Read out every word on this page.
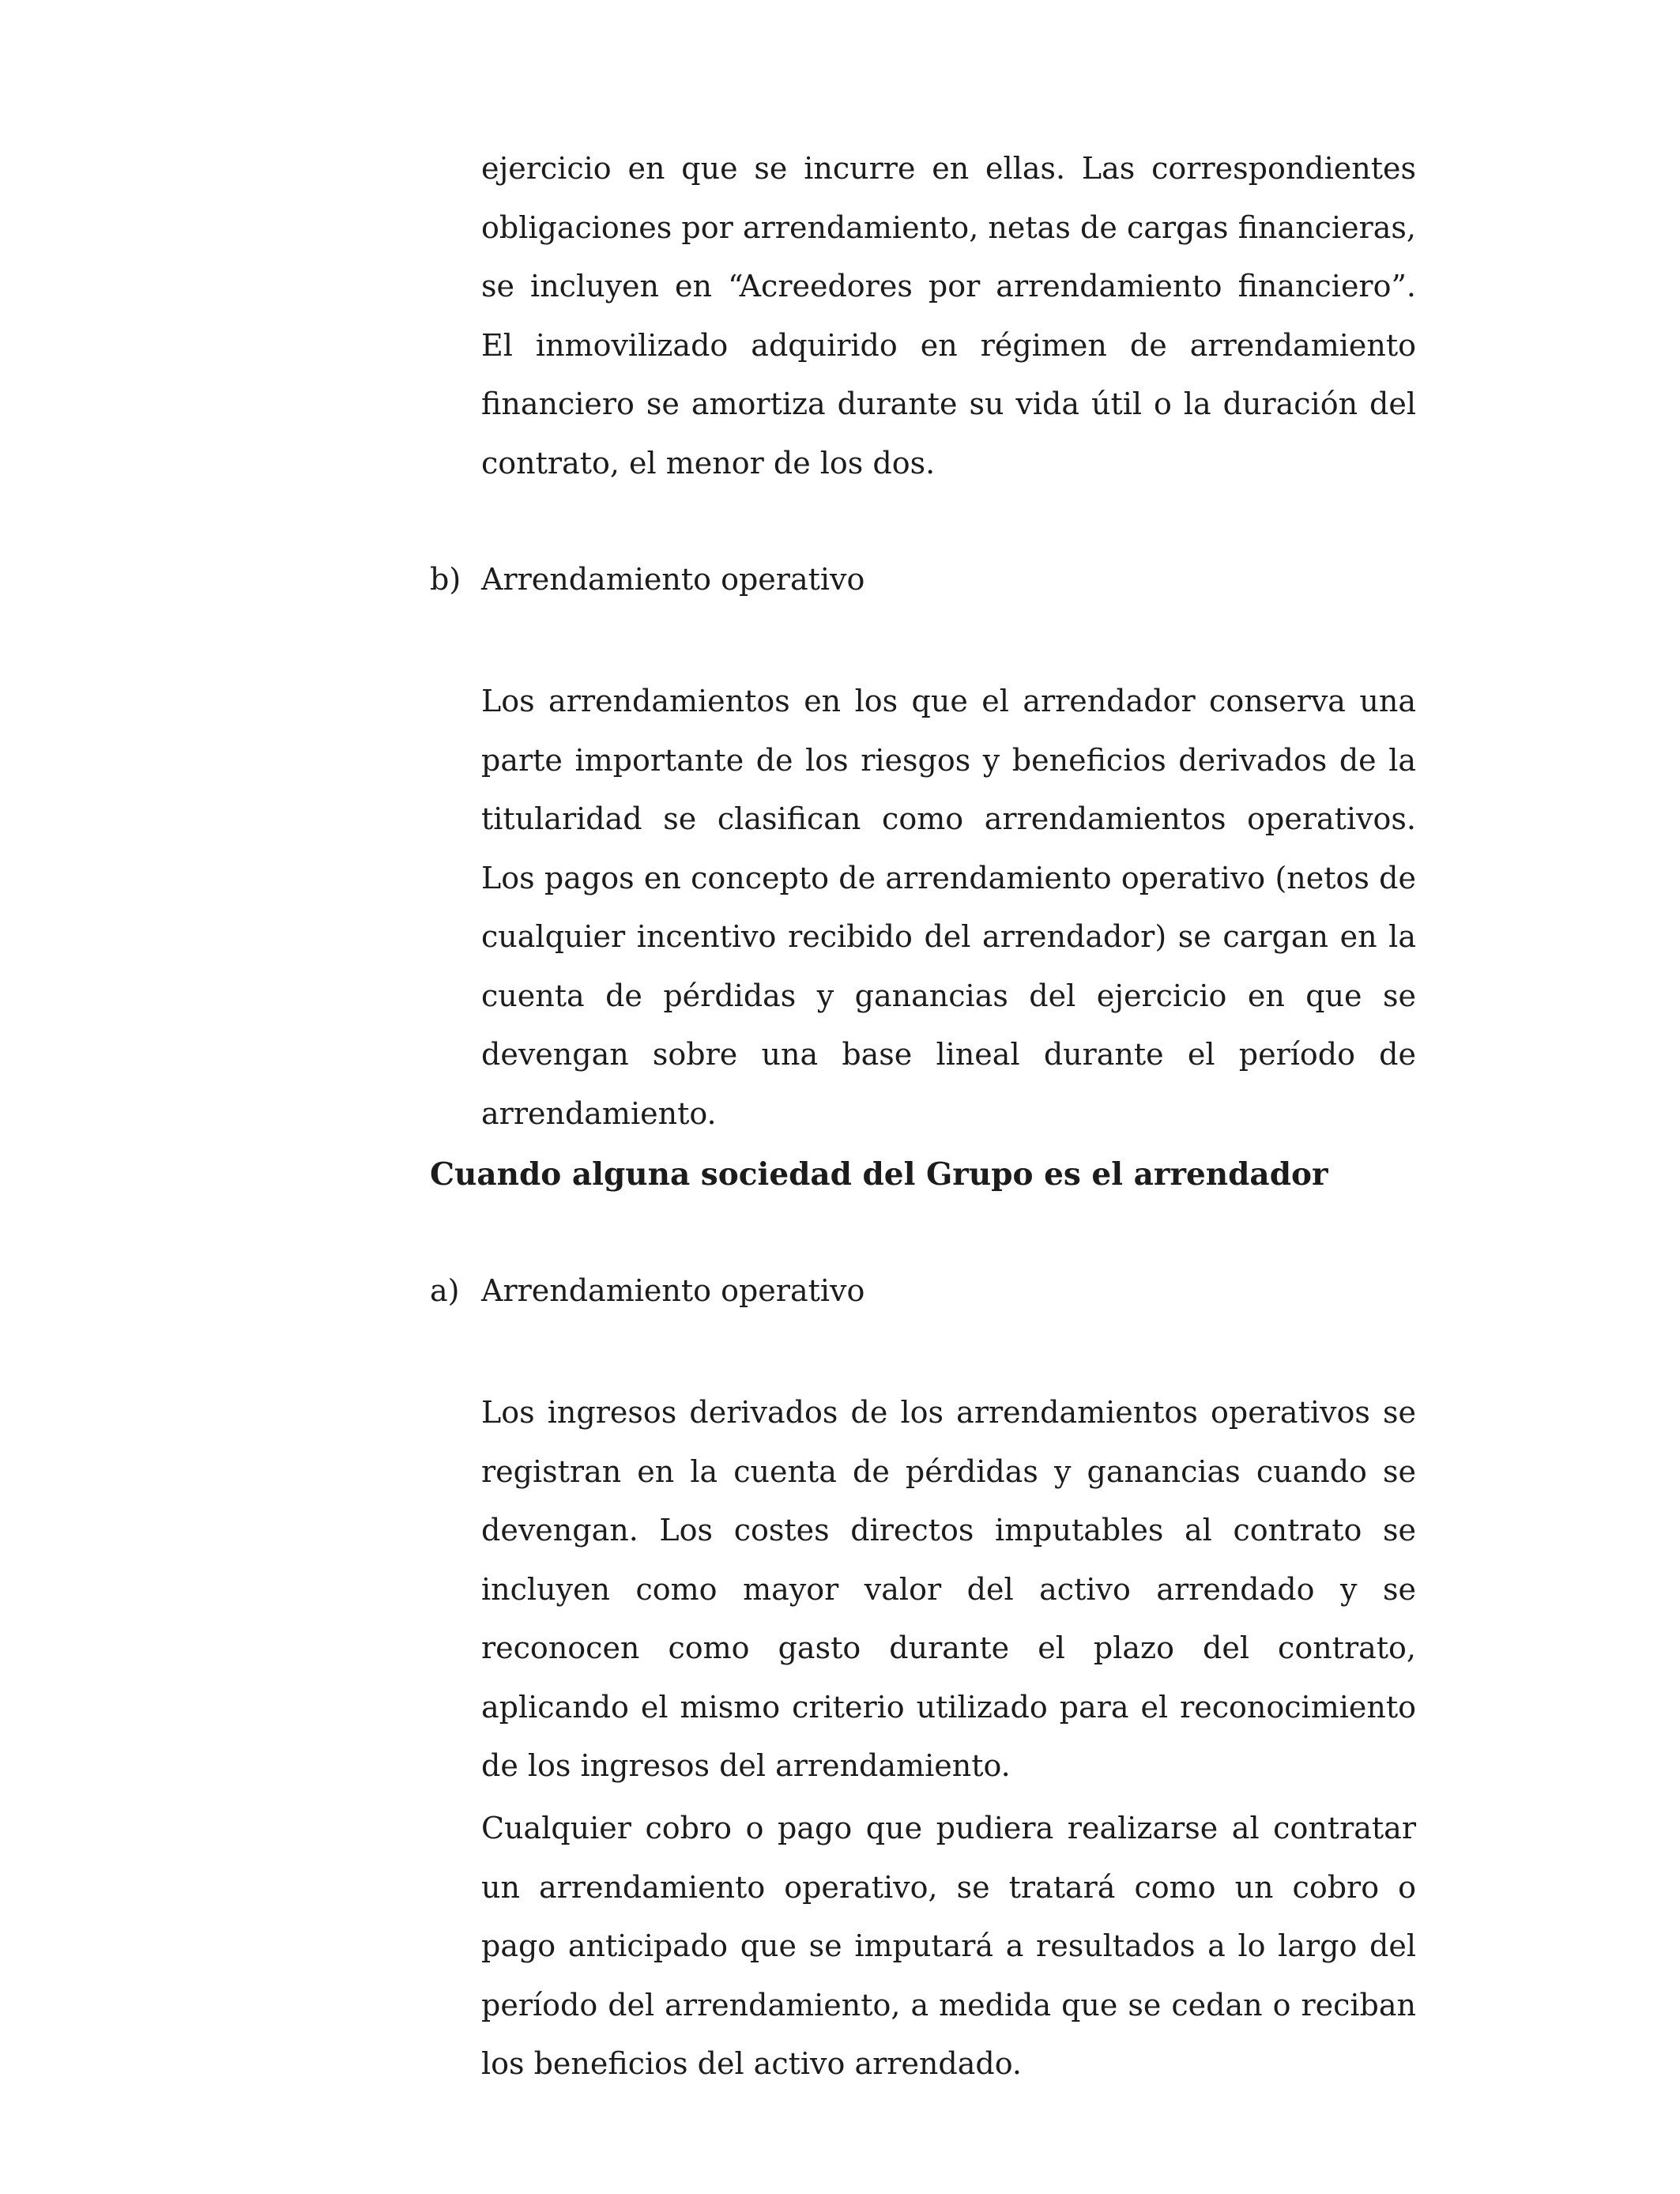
ejercicio en que se incurre en ellas. Las correspondientes obligaciones por arrendamiento, netas de cargas financieras, se incluyen en “Acreedores por arrendamiento financiero”. El inmovilizado adquirido en régimen de arrendamiento financiero se amortiza durante su vida útil o la duración del contrato, el menor de los dos.

b) Arrendamiento operativo

Los arrendamientos en los que el arrendador conserva una parte importante de los riesgos y beneficios derivados de la titularidad se clasifican como arrendamientos operativos. Los pagos en concepto de arrendamiento operativo (netos de cualquier incentivo recibido del arrendador) se cargan en la cuenta de pérdidas y ganancias del ejercicio en que se devengan sobre una base lineal durante el período de arrendamiento.

Cuando alguna sociedad del Grupo es el arrendador
a) Arrendamiento operativo

Los ingresos derivados de los arrendamientos operativos se registran en la cuenta de pérdidas y ganancias cuando se devengan. Los costes directos imputables al contrato se incluyen como mayor valor del activo arrendado y se reconocen como gasto durante el plazo del contrato, aplicando el mismo criterio utilizado para el reconocimiento de los ingresos del arrendamiento.

Cualquier cobro o pago que pudiera realizarse al contratar un arrendamiento operativo, se tratará como un cobro o pago anticipado que se imputará a resultados a lo largo del período del arrendamiento, a medida que se cedan o reciban los beneficios del activo arrendado.
